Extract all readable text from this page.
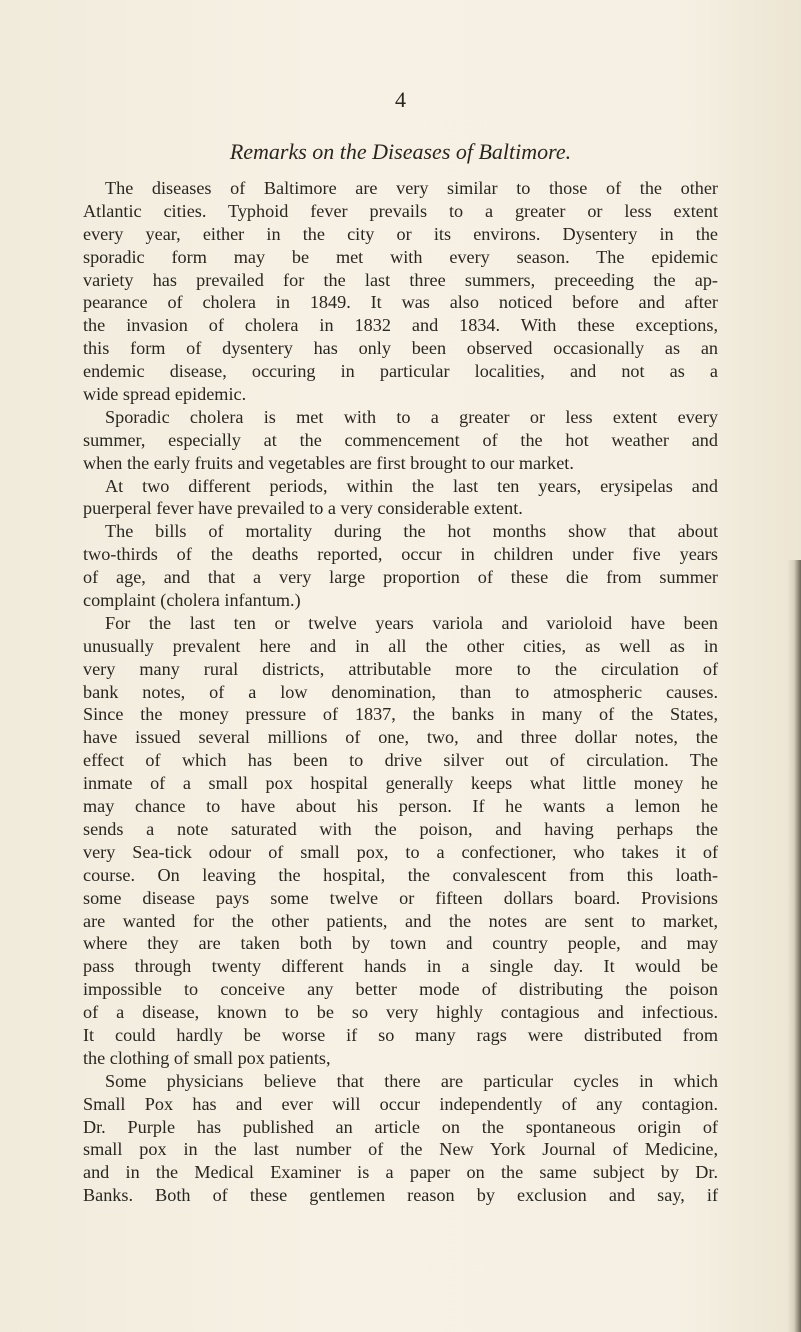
4
Remarks on the Diseases of Baltimore.
The diseases of Baltimore are very similar to those of the other
Atlantic cities. Typhoid fever prevails to a greater or less extent
every year, either in the city or its environs. Dysentery in the
sporadic form may be met with every season. The epidemic
variety has prevailed for the last three summers, preceeding the ap-
pearance of cholera in 1849. It was also noticed before and after
the invasion of cholera in 1832 and 1834. With these exceptions,
this form of dysentery has only been observed occasionally as an
endemic disease, occuring in particular localities, and not as a
wide spread epidemic.
Sporadic cholera is met with to a greater or less extent every
summer, especially at the commencement of the hot weather and
when the early fruits and vegetables are first brought to our market.
At two different periods, within the last ten years, erysipelas and
puerperal fever have prevailed to a very considerable extent.
The bills of mortality during the hot months show that about
two-thirds of the deaths reported, occur in children under five years
of age, and that a very large proportion of these die from summer
complaint (cholera infantum.)
For the last ten or twelve years variola and varioloid have been
unusually prevalent here and in all the other cities, as well as in
very many rural districts, attributable more to the circulation of
bank notes, of a low denomination, than to atmospheric causes.
Since the money pressure of 1837, the banks in many of the States,
have issued several millions of one, two, and three dollar notes, the
effect of which has been to drive silver out of circulation. The
inmate of a small pox hospital generally keeps what little money he
may chance to have about his person. If he wants a lemon he
sends a note saturated with the poison, and having perhaps the
very Sea-tick odour of small pox, to a confectioner, who takes it of
course. On leaving the hospital, the convalescent from this loath-
some disease pays some twelve or fifteen dollars board. Provisions
are wanted for the other patients, and the notes are sent to market,
where they are taken both by town and country people, and may
pass through twenty different hands in a single day. It would be
impossible to conceive any better mode of distributing the poison
of a disease, known to be so very highly contagious and infectious.
It could hardly be worse if so many rags were distributed from
the clothing of small pox patients,
Some physicians believe that there are particular cycles in which
Small Pox has and ever will occur independently of any contagion.
Dr. Purple has published an article on the spontaneous origin of
small pox in the last number of the New York Journal of Medicine,
and in the Medical Examiner is a paper on the same subject by Dr.
Banks. Both of these gentlemen reason by exclusion and say, if
